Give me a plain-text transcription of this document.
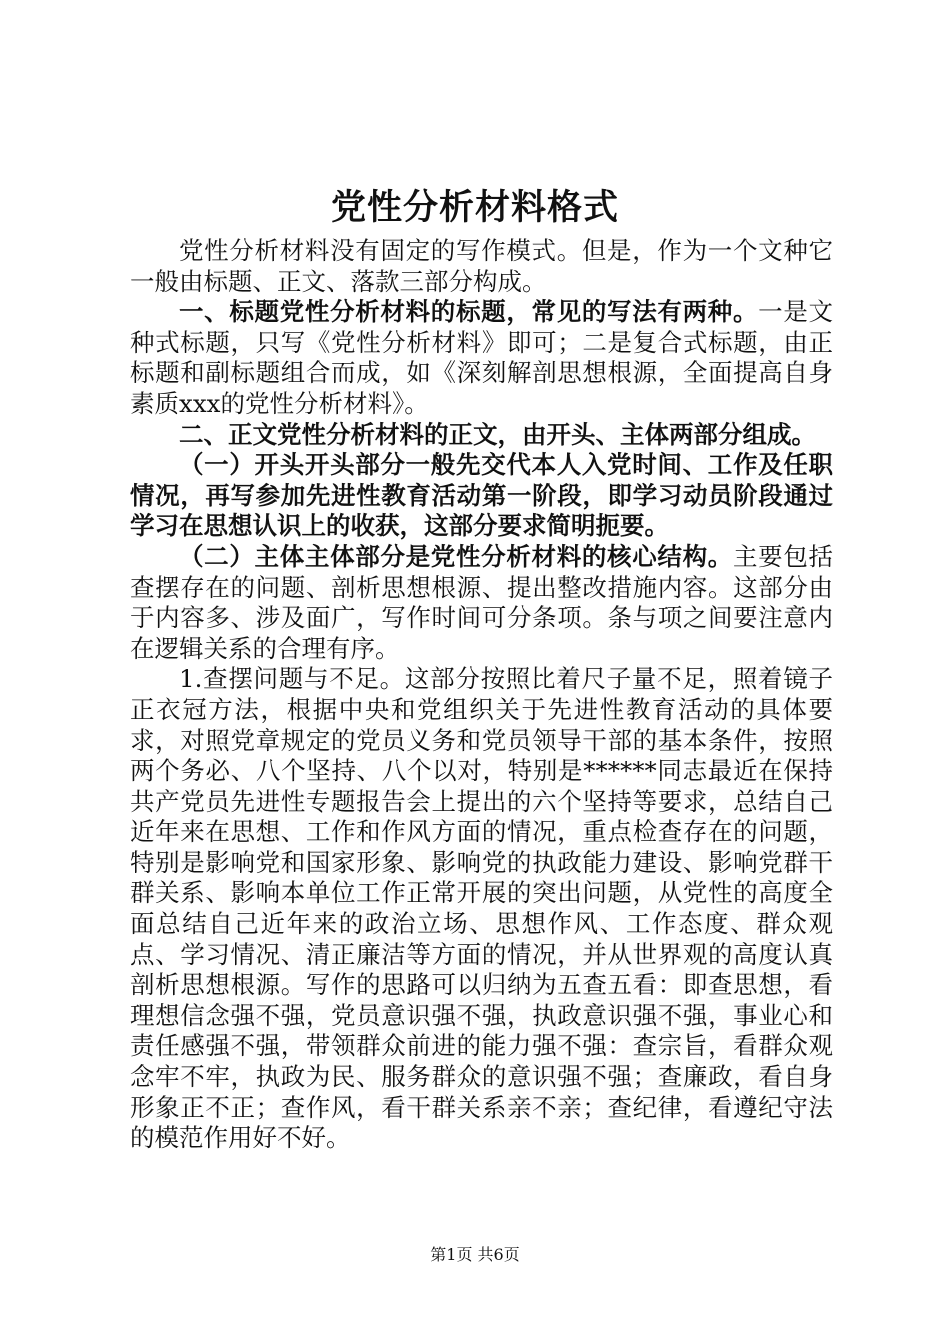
党性分析材料格式

党性分析材料没有固定的写作模式。但是，作为一个文种它一般由标题、正文、落款三部分构成。

一、标题党性分析材料的标题，常见的写法有两种。一是文种式标题，只写《党性分析材料》即可；二是复合式标题，由正标题和副标题组合而成，如《深刻解剖思想根源，全面提高自身素质xxx的党性分析材料》。

二、正文党性分析材料的正文，由开头、主体两部分组成。

（一）开头开头部分一般先交代本人入党时间、工作及任职情况，再写参加先进性教育活动第一阶段，即学习动员阶段通过学习在思想认识上的收获，这部分要求简明扼要。

（二）主体主体部分是党性分析材料的核心结构。主要包括查摆存在的问题、剖析思想根源、提出整改措施内容。这部分由于内容多、涉及面广，写作时间可分条项。条与项之间要注意内在逻辑关系的合理有序。

1.查摆问题与不足。这部分按照比着尺子量不足，照着镜子正衣冠方法，根据中央和党组织关于先进性教育活动的具体要求，对照党章规定的党员义务和党员领导干部的基本条件，按照两个务必、八个坚持、八个以对，特别是******同志最近在保持共产党员先进性专题报告会上提出的六个坚持等要求，总结自己近年来在思想、工作和作风方面的情况，重点检查存在的问题，特别是影响党和国家形象、影响党的执政能力建设、影响党群干群关系、影响本单位工作正常开展的突出问题，从党性的高度全面总结自己近年来的政治立场、思想作风、工作态度、群众观点、学习情况、清正廉洁等方面的情况，并从世界观的高度认真剖析思想根源。写作的思路可以归纳为五查五看：即查思想，看理想信念强不强，党员意识强不强，执政意识强不强，事业心和责任感强不强，带领群众前进的能力强不强：查宗旨，看群众观念牢不牢，执政为民、服务群众的意识强不强；查廉政，看自身形象正不正；查作风，看干群关系亲不亲；查纪律，看遵纪守法的模范作用好不好。

第1页 共6页
